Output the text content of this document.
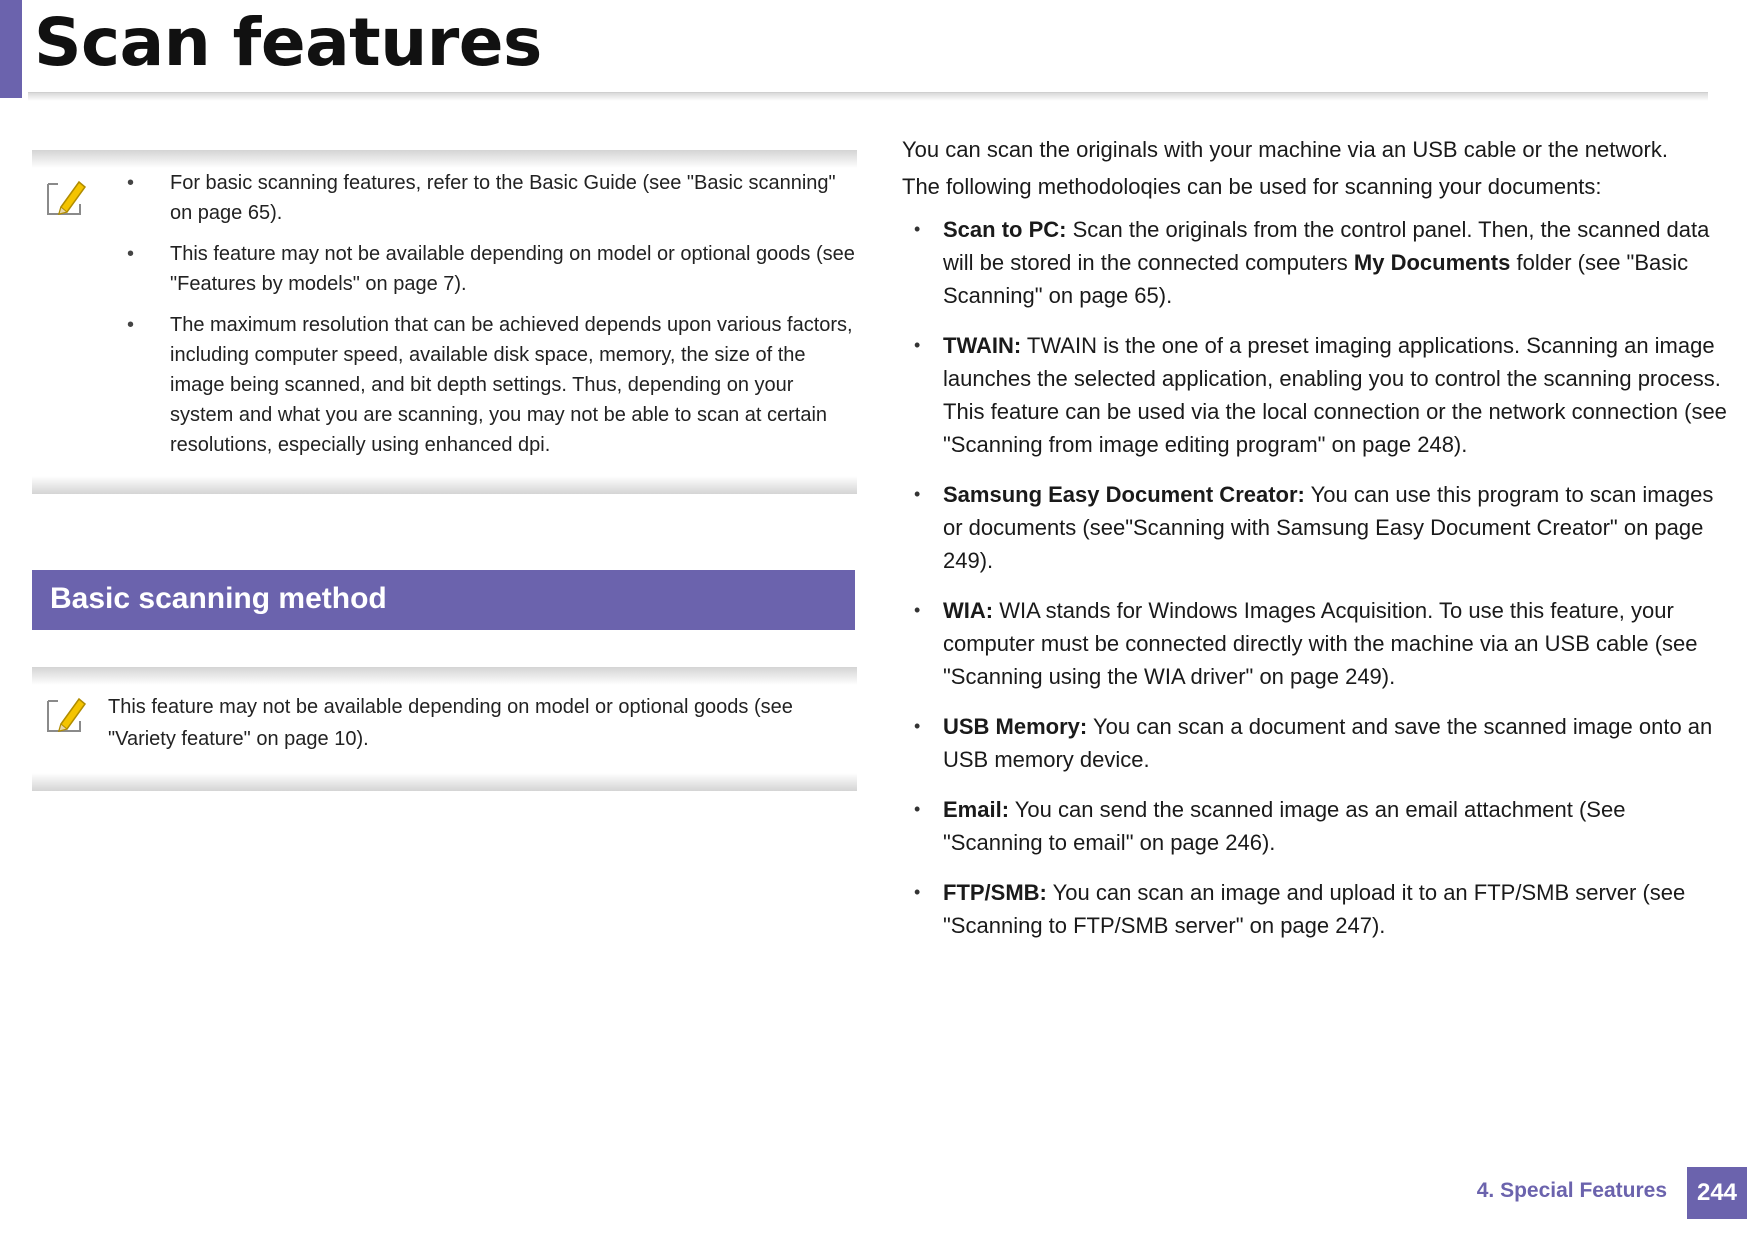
Scan features
• For basic scanning features, refer to the Basic Guide (see "Basic scanning" on page 65).
• This feature may not be available depending on model or optional goods (see "Features by models" on page 7).
• The maximum resolution that can be achieved depends upon various factors, including computer speed, available disk space, memory, the size of the image being scanned, and bit depth settings. Thus, depending on your system and what you are scanning, you may not be able to scan at certain resolutions, especially using enhanced dpi.
Basic scanning method
This feature may not be available depending on model or optional goods (see "Variety feature" on page 10).

You can scan the originals with your machine via an USB cable or the network.

The following methodoloqies can be used for scanning your documents:

• Scan to PC: Scan the originals from the control panel. Then, the scanned data will be stored in the connected computers My Documents folder (see "Basic Scanning" on page 65).
• TWAIN: TWAIN is the one of a preset imaging applications. Scanning an image launches the selected application, enabling you to control the scanning process. This feature can be used via the local connection or the network connection (see "Scanning from image editing program" on page 248).
• Samsung Easy Document Creator: You can use this program to scan images or documents (see"Scanning with Samsung Easy Document Creator" on page 249).
• WIA: WIA stands for Windows Images Acquisition. To use this feature, your computer must be connected directly with the machine via an USB cable (see "Scanning using the WIA driver" on page 249).
• USB Memory: You can scan a document and save the scanned image onto an USB memory device.
• Email: You can send the scanned image as an email attachment (See "Scanning to email" on page 246).
• FTP/SMB: You can scan an image and upload it to an FTP/SMB server (see "Scanning to FTP/SMB server" on page 247).
4. Special Features	244
